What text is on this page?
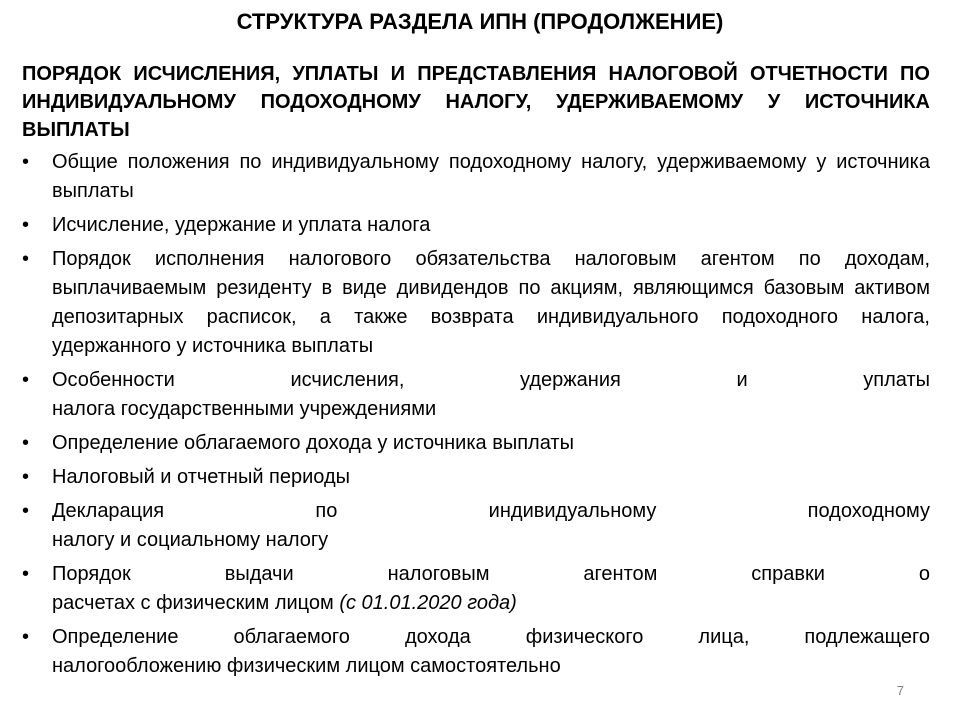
СТРУКТУРА РАЗДЕЛА ИПН (ПРОДОЛЖЕНИЕ)
ПОРЯДОК ИСЧИСЛЕНИЯ, УПЛАТЫ И ПРЕДСТАВЛЕНИЯ НАЛОГОВОЙ ОТЧЕТНОСТИ ПО ИНДИВИДУАЛЬНОМУ ПОДОХОДНОМУ НАЛОГУ, УДЕРЖИВАЕМОМУ У ИСТОЧНИКА ВЫПЛАТЫ
• Общие положения по индивидуальному подоходному налогу, удерживаемому у источника выплаты
• Исчисление, удержание и уплата налога
• Порядок исполнения налогового обязательства налоговым агентом по доходам, выплачиваемым резиденту в виде дивидендов по акциям, являющимся базовым активом депозитарных расписок, а также возврата индивидуального подоходного налога, удержанного у источника выплаты
• Особенности исчисления, удержания и уплаты
налога государственными учреждениями
• Определение облагаемого дохода у источника выплаты
• Налоговый и отчетный периоды
• Декларация по индивидуальному подоходному
налогу и социальному налогу
• Порядок выдачи налоговым агентом справки о
расчетах с физическим лицом (с 01.01.2020 года)
• Определение облагаемого дохода физического лица, подлежащего
налогообложению физическим лицом самостоятельно
7
